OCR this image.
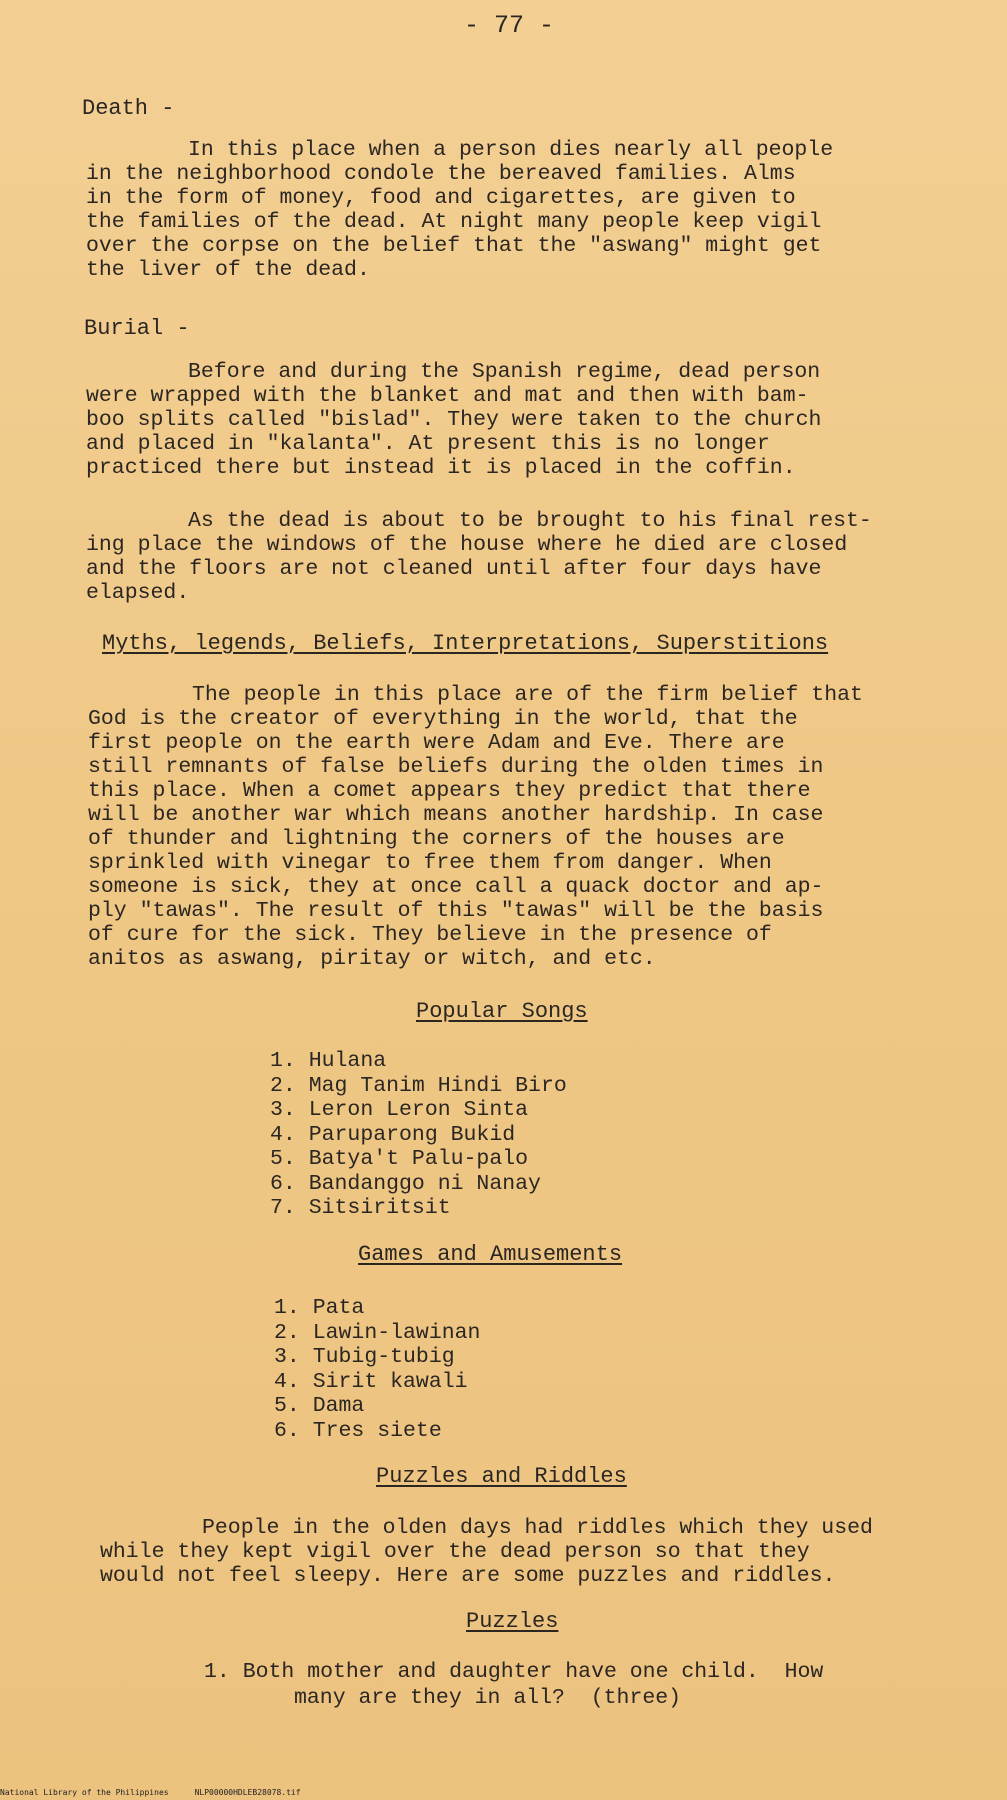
- 77 -
Death -
In this place when a person dies nearly all people
in the neighborhood condole the bereaved families. Alms
in the form of money, food and cigarettes, are given to
the families of the dead. At night many people keep vigil
over the corpse on the belief that the "aswang" might get
the liver of the dead.
Burial -
Before and during the Spanish regime, dead person
were wrapped with the blanket and mat and then with bam-
boo splits called "bislad". They were taken to the church
and placed in "kalanta". At present this is no longer
practiced there but instead it is placed in the coffin.
As the dead is about to be brought to his final rest-
ing place the windows of the house where he died are closed
and the floors are not cleaned until after four days have
elapsed.
Myths, legends, Beliefs, Interpretations, Superstitions
The people in this place are of the firm belief that
God is the creator of everything in the world, that the
first people on the earth were Adam and Eve. There are
still remnants of false beliefs during the olden times in
this place. When a comet appears they predict that there
will be another war which means another hardship. In case
of thunder and lightning the corners of the houses are
sprinkled with vinegar to free them from danger. When
someone is sick, they at once call a quack doctor and ap-
ply "tawas". The result of this "tawas" will be the basis
of cure for the sick. They believe in the presence of
anitos as aswang, piritay or witch, and etc.
Popular Songs
1. Hulana
2. Mag Tanim Hindi Biro
3. Leron Leron Sinta
4. Paruparong Bukid
5. Batya't Palu-palo
6. Bandanggo ni Nanay
7. Sitsiritsit
Games and Amusements
1. Pata
2. Lawin-lawinan
3. Tubig-tubig
4. Sirit kawali
5. Dama
6. Tres siete
Puzzles and Riddles
People in the olden days had riddles which they used
while they kept vigil over the dead person so that they
would not feel sleepy. Here are some puzzles and riddles.
Puzzles
1. Both mother and daughter have one child.  How
many are they in all?  (three)
National Library of the Philippines	NLP00000HDLEB28078.tif
